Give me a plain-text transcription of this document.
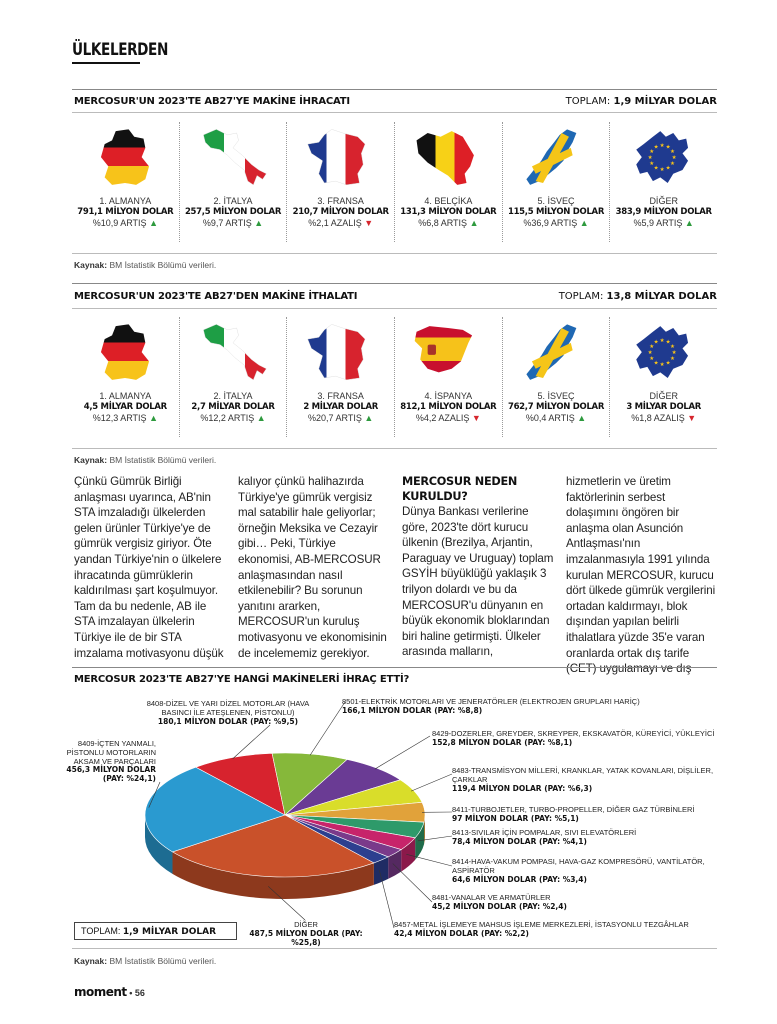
ÜLKELERDEN
MERCOSUR'UN 2023'TE AB27'YE MAKİNE İHRACATI	TOPLAM: 1,9 MİLYAR DOLAR
1. ALMANYA
791,1 MİLYON DOLAR
%10,9 ARTIŞ ▲
2. İTALYA
257,5 MİLYON DOLAR
%9,7 ARTIŞ ▲
3. FRANSA
210,7 MİLYON DOLAR
%2,1 AZALIŞ ▼
4. BELÇİKA
131,3 MİLYON DOLAR
%6,8 ARTIŞ ▲
5. İSVEÇ
115,5 MİLYON DOLAR
%36,9 ARTIŞ ▲
★
★
★
★
★
★
★
★
★ ★ ★
★
DİĞER
383,9 MİLYON DOLAR
%5,9 ARTIŞ ▲
Kaynak: BM İstatistik Bölümü verileri.
MERCOSUR'UN 2023'TE AB27'DEN MAKİNE İTHALATI	TOPLAM: 13,8 MİLYAR DOLAR
1. ALMANYA
4,5 MİLYAR DOLAR
%12,3 ARTIŞ ▲
2. İTALYA
2,7 MİLYAR DOLAR
%12,2 ARTIŞ ▲
3. FRANSA
2 MİLYAR DOLAR
%20,7 ARTIŞ ▲
4. İSPANYA
812,1 MİLYON DOLAR
%4,2 AZALIŞ ▼
5. İSVEÇ
762,7 MİLYON DOLAR
%0,4 ARTIŞ ▲
★
★
★
★
★
★
★
★
★ ★ ★
★
DİĞER
3 MİLYAR DOLAR
%1,8 AZALIŞ ▼
Kaynak: BM İstatistik Bölümü verileri.
Çünkü Gümrük Birliği anlaşması uyarınca, AB'nin STA imzaladığı ülkelerden gelen ürünler Türkiye'ye de gümrük vergisiz giriyor. Öte yandan Türkiye'nin o ülkelere ihracatında gümrüklerin kaldırılması şart koşulmuyor. Tam da bu nedenle, AB ile STA imzalayan ülkelerin Türkiye ile de bir STA imzalama motivasyonu düşük
kalıyor çünkü halihazırda Türkiye'ye gümrük vergisiz mal satabilir hale geliyorlar; örneğin Meksika ve Cezayir gibi… Peki, Türkiye ekonomisi, AB-MERCOSUR anlaşmasından nasıl etkilenebilir? Bu sorunun yanıtını ararken, MERCOSUR'un kuruluş motivasyonu ve ekonomisinin de incelememiz gerekiyor.
MERCOSUR NEDEN KURULDU?
Dünya Bankası verilerine göre, 2023'te dört kurucu ülkenin (Brezilya, Arjantin, Paraguay ve Uruguay) toplam GSYİH büyüklüğü yaklaşık 3 trilyon dolardı ve bu da MERCOSUR'u dünyanın en büyük ekonomik bloklarından biri haline getirmişti. Ülkeler arasında malların,
hizmetlerin ve üretim faktörlerinin serbest dolaşımını öngören bir anlaşma olan Asunción Antlaşması'nın imzalanmasıyla 1991 yılında kurulan MERCOSUR, kurucu dört ülkede gümrük vergilerini ortadan kaldırmayı, blok dışından yapılan belirli ithalatlara yüzde 35'e varan oranlarda ortak dış tarife (CET) uygulamayı ve dış
MERCOSUR 2023'TE AB27'YE HANGİ MAKİNELERİ İHRAÇ ETTİ?
8408-DİZEL VE YARI DİZEL MOTORLAR (HAVA BASINCI İLE ATEŞLENEN, PİSTONLU)
180,1 MİLYON DOLAR (PAY: %9,5)
8501-ELEKTRİK MOTORLARI VE JENERATÖRLER (ELEKTROJEN GRUPLARI HARİÇ)
166,1 MİLYON DOLAR (PAY: %8,8)
8429-DOZERLER, GREYDER, SKREYPER, EKSKAVATÖR, KÜREYİCİ, YÜKLEYİCİ
152,8 MİLYON DOLAR (PAY: %8,1)
8483-TRANSMİSYON MİLLERİ, KRANKLAR, YATAK KOVANLARI, DİŞLİLER, ÇARKLAR
119,4 MİLYON DOLAR (PAY: %6,3)
8411-TURBOJETLER, TURBO-PROPELLER, DİĞER GAZ TÜRBİNLERİ
97 MİLYON DOLAR (PAY: %5,1)
8413-SIVILAR İÇİN POMPALAR, SIVI ELEVATÖRLERİ
78,4 MİLYON DOLAR (PAY: %4,1)
8414-HAVA-VAKUM POMPASI, HAVA-GAZ KOMPRESÖRÜ, VANTİLATÖR, ASPİRATÖR
64,6 MİLYON DOLAR (PAY: %3,4)
8481-VANALAR VE ARMATÜRLER
45,2 MİLYON DOLAR (PAY: %2,4)
8457-METAL İŞLEMEYE MAHSUS İŞLEME MERKEZLERİ, İSTASYONLU TEZGÂHLAR
42,4 MİLYON DOLAR (PAY: %2,2)
DİĞER
487,5 MİLYON DOLAR (PAY: %25,8)
8409-İÇTEN YANMALI, PİSTONLU MOTORLARIN AKSAM VE PARÇALARI
456,3 MİLYON DOLAR (PAY: %24,1)
TOPLAM: 1,9 MİLYAR DOLAR
Kaynak: BM İstatistik Bölümü verileri.
moment • 56
